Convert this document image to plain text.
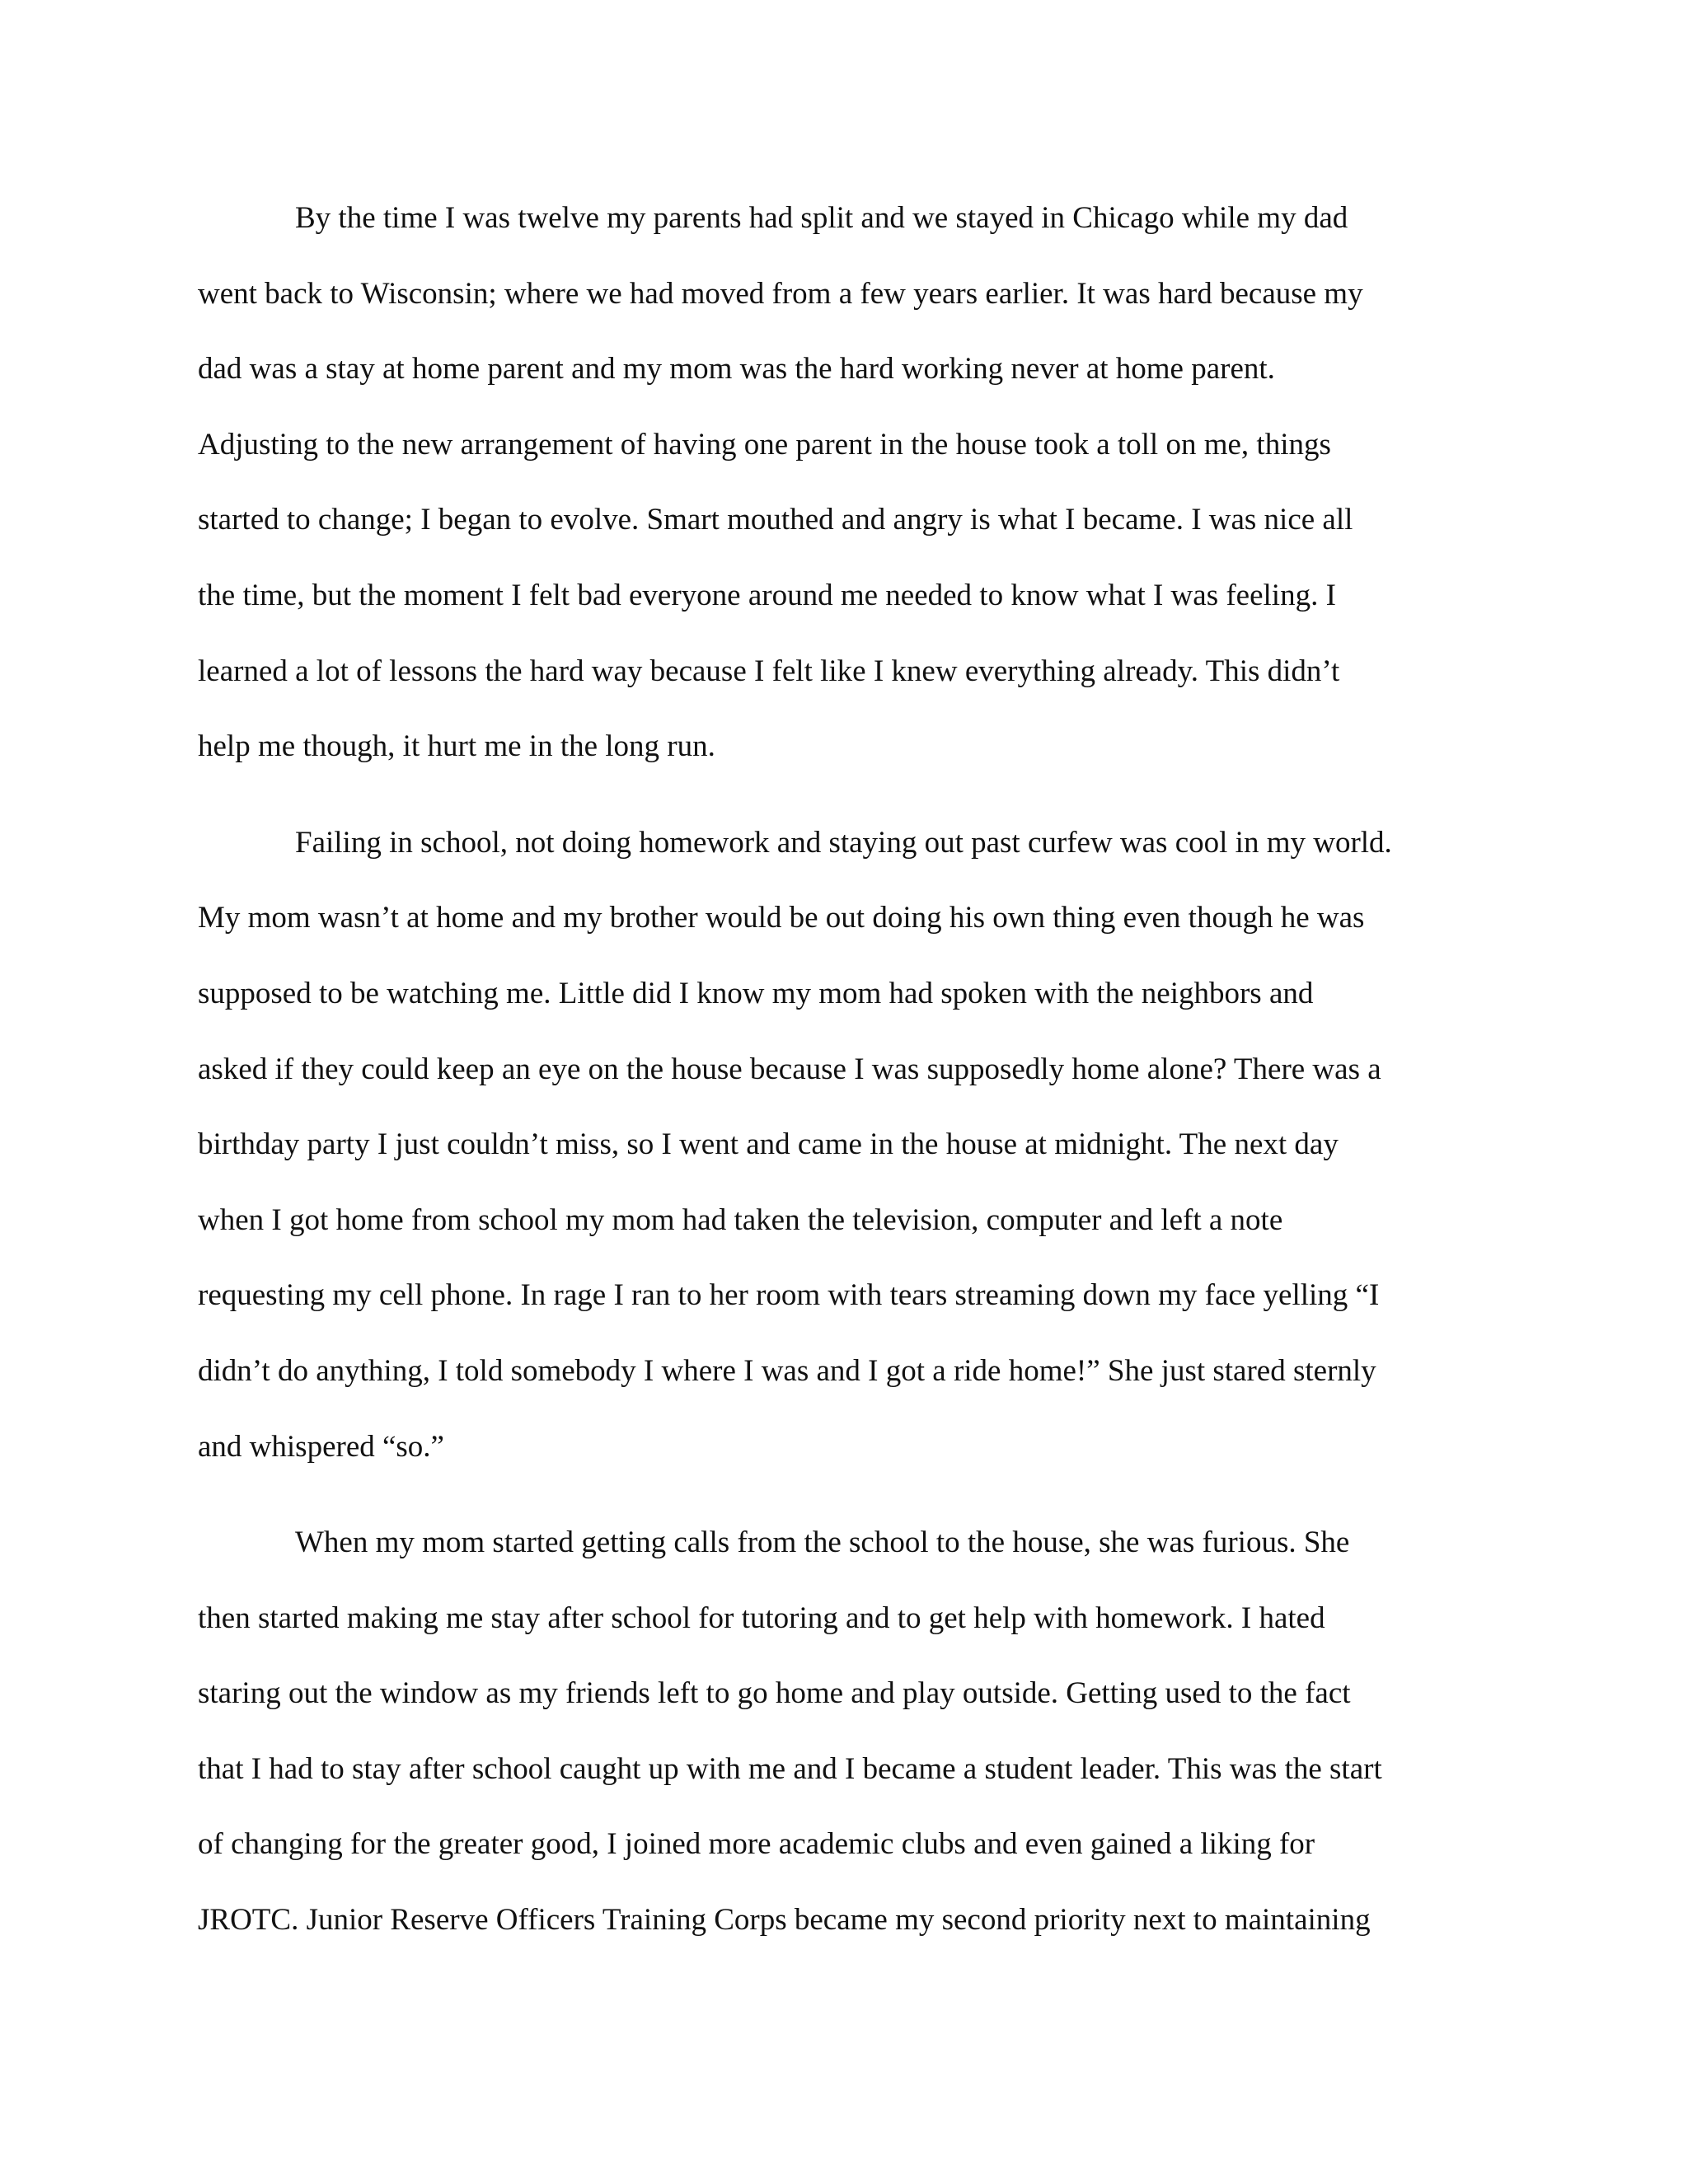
By the time I was twelve my parents had split and we stayed in Chicago while my dad
went back to Wisconsin; where we had moved from a few years earlier. It was hard because my
dad was a stay at home parent and my mom was the hard working never at home parent.
Adjusting to the new arrangement of having one parent in the house took a toll on me, things
started to change; I began to evolve. Smart mouthed and angry is what I became. I was nice all
the time, but the moment I felt bad everyone around me needed to know what I was feeling. I
learned a lot of lessons the hard way because I felt like I knew everything already. This didn’t
help me though, it hurt me in the long run.
Failing in school, not doing homework and staying out past curfew was cool in my world.
My mom wasn’t at home and my brother would be out doing his own thing even though he was
supposed to be watching me. Little did I know my mom had spoken with the neighbors and
asked if they could keep an eye on the house because I was supposedly home alone? There was a
birthday party I just couldn’t miss, so I went and came in the house at midnight. The next day
when I got home from school my mom had taken the television, computer and left a note
requesting my cell phone. In rage I ran to her room with tears streaming down my face yelling “I
didn’t do anything, I told somebody I where I was and I got a ride home!” She just stared sternly
and whispered “so.”
When my mom started getting calls from the school to the house, she was furious. She
then started making me stay after school for tutoring and to get help with homework. I hated
staring out the window as my friends left to go home and play outside. Getting used to the fact
that I had to stay after school caught up with me and I became a student leader. This was the start
of changing for the greater good, I joined more academic clubs and even gained a liking for
JROTC. Junior Reserve Officers Training Corps became my second priority next to maintaining
